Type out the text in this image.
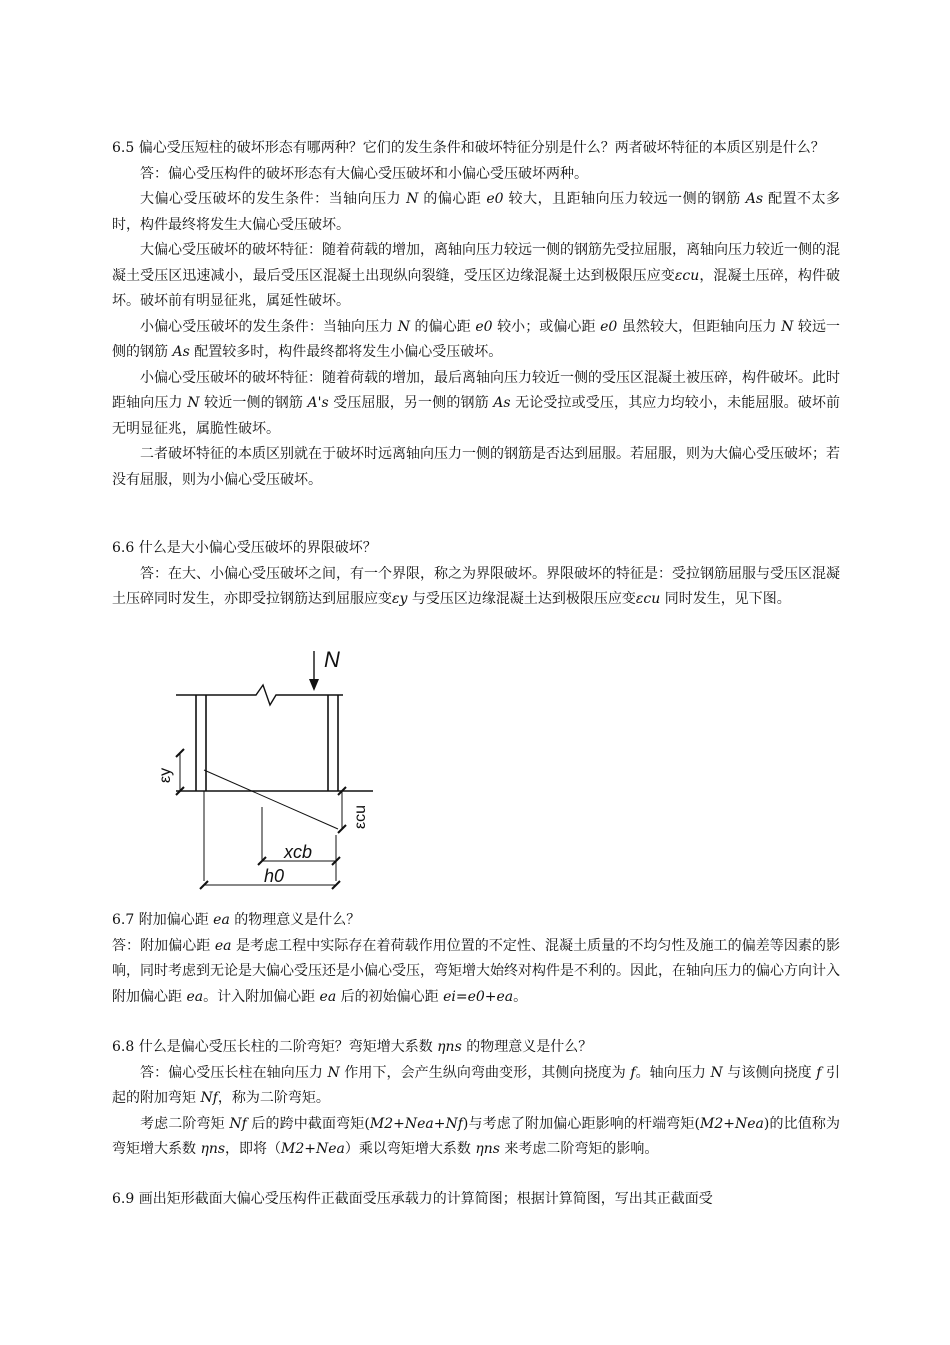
6.5 偏心受压短柱的破坏形态有哪两种？它们的发生条件和破坏特征分别是什么？两者破坏特征的本质区别是什么？

答：偏心受压构件的破坏形态有大偏心受压破坏和小偏心受压破坏两种。

大偏心受压破坏的发生条件：当轴向压力 N 的偏心距 e0 较大，且距轴向压力较远一侧的钢筋 As 配置不太多时，构件最终将发生大偏心受压破坏。

大偏心受压破坏的破坏特征：随着荷载的增加，离轴向压力较远一侧的钢筋先受拉屈服，离轴向压力较近一侧的混凝土受压区迅速减小，最后受压区混凝土出现纵向裂缝，受压区边缘混凝土达到极限压应变εcu，混凝土压碎，构件破坏。破坏前有明显征兆，属延性破坏。

小偏心受压破坏的发生条件：当轴向压力 N 的偏心距 e0 较小；或偏心距 e0 虽然较大，但距轴向压力 N 较远一侧的钢筋 As 配置较多时，构件最终都将发生小偏心受压破坏。

小偏心受压破坏的破坏特征：随着荷载的增加，最后离轴向压力较近一侧的受压区混凝土被压碎，构件破坏。此时距轴向压力 N 较近一侧的钢筋 A's 受压屈服，另一侧的钢筋 As 无论受拉或受压，其应力均较小，未能屈服。破坏前无明显征兆，属脆性破坏。

二者破坏特征的本质区别就在于破坏时远离轴向压力一侧的钢筋是否达到屈服。若屈服，则为大偏心受压破坏；若没有屈服，则为小偏心受压破坏。

6.6 什么是大小偏心受压破坏的界限破坏？

答：在大、小偏心受压破坏之间，有一个界限，称之为界限破坏。界限破坏的特征是：受拉钢筋屈服与受压区混凝土压碎同时发生，亦即受拉钢筋达到屈服应变εy 与受压区边缘混凝土达到极限压应变εcu 同时发生，见下图。

N
εy
εcu
xcb
h0

6.7 附加偏心距 ea 的物理意义是什么？

答：附加偏心距 ea 是考虑工程中实际存在着荷载作用位置的不定性、混凝土质量的不均匀性及施工的偏差等因素的影响，同时考虑到无论是大偏心受压还是小偏心受压，弯矩增大始终对构件是不利的。因此，在轴向压力的偏心方向计入附加偏心距 ea。计入附加偏心距 ea 后的初始偏心距 ei=e0+ea。

6.8 什么是偏心受压长柱的二阶弯矩？弯矩增大系数 ηns 的物理意义是什么？

答：偏心受压长柱在轴向压力 N 作用下，会产生纵向弯曲变形，其侧向挠度为 f。轴向压力 N 与该侧向挠度 f 引起的附加弯矩 Nf，称为二阶弯矩。

考虑二阶弯矩 Nf 后的跨中截面弯矩(M2+Nea+Nf)与考虑了附加偏心距影响的杆端弯矩(M2+Nea)的比值称为弯矩增大系数 ηns，即将（M2+Nea）乘以弯矩增大系数 ηns 来考虑二阶弯矩的影响。

6.9 画出矩形截面大偏心受压构件正截面受压承载力的计算简图；根据计算简图，写出其正截面受
